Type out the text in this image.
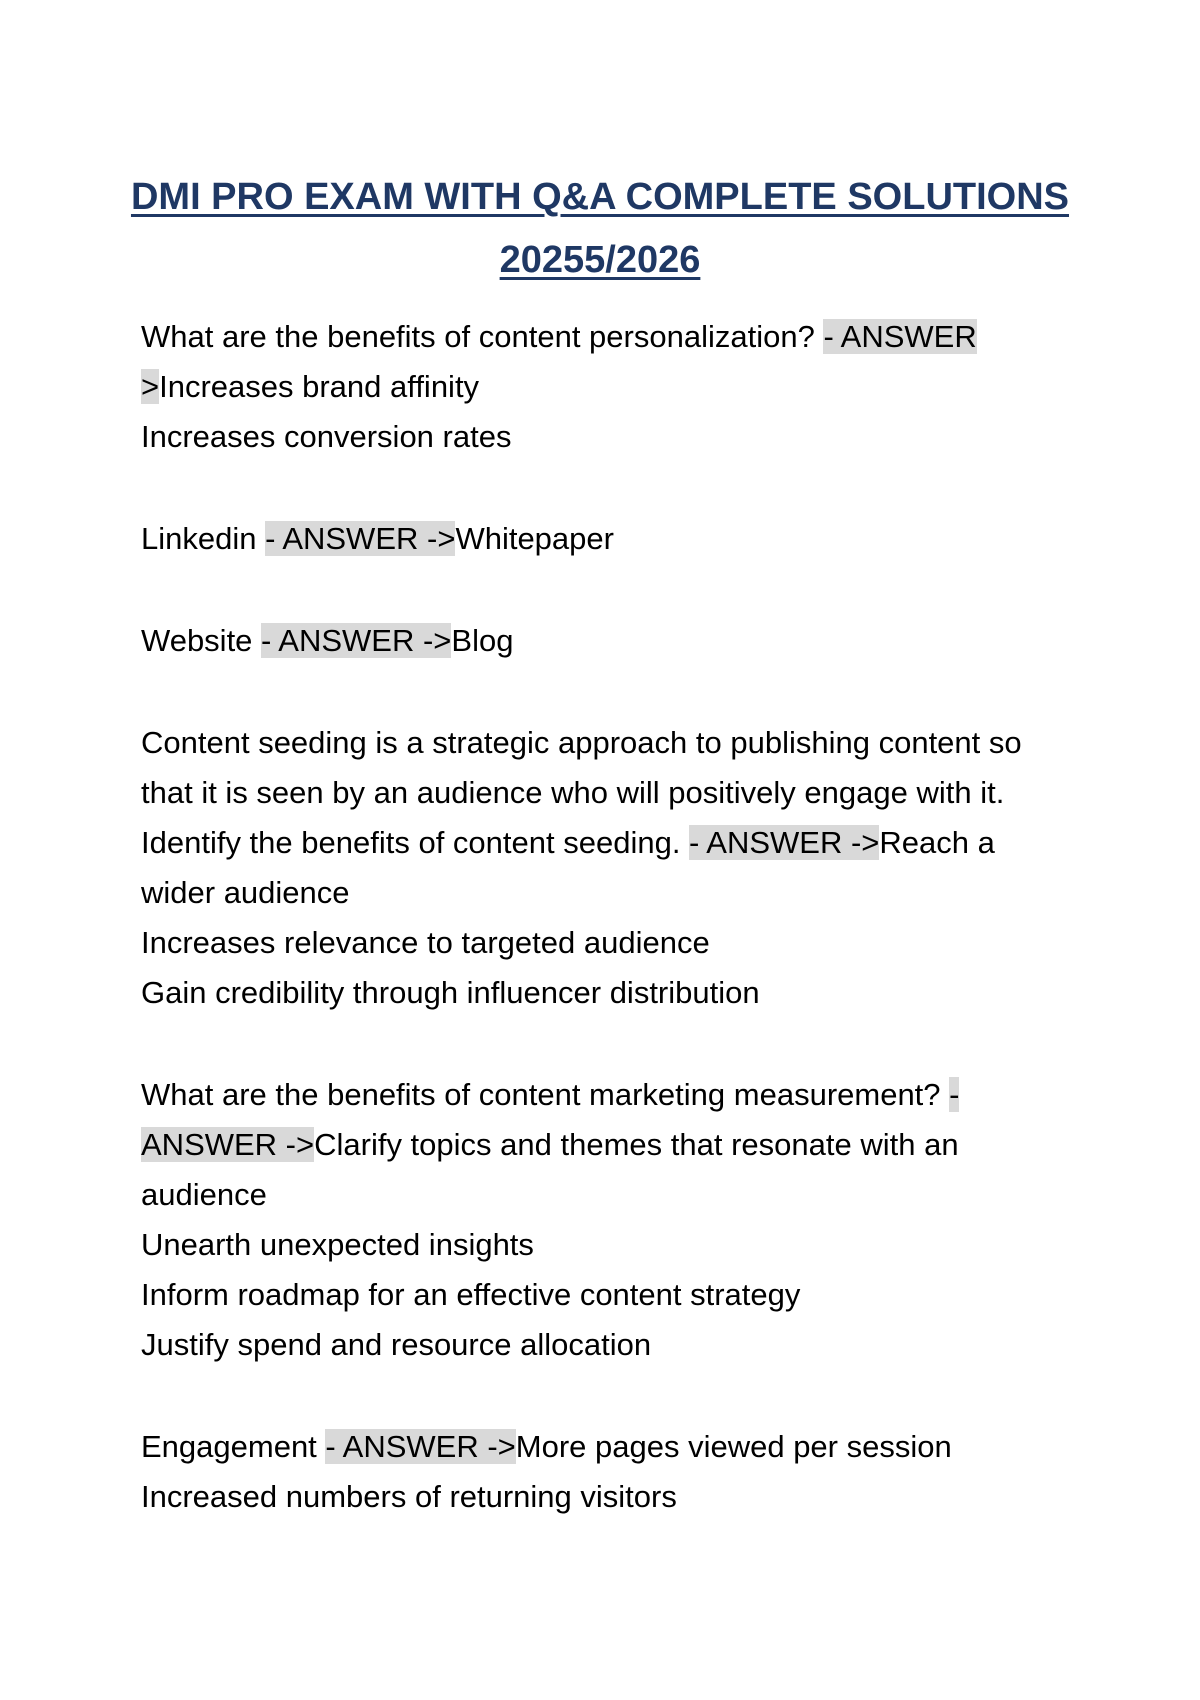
DMI PRO EXAM WITH Q&A COMPLETE SOLUTIONS
20255/2026
What are the benefits of content personalization? - ANSWER
>Increases brand affinity
Increases conversion rates
Linkedin - ANSWER ->Whitepaper
Website - ANSWER ->Blog
Content seeding is a strategic approach to publishing content so
that it is seen by an audience who will positively engage with it.
Identify the benefits of content seeding. - ANSWER ->Reach a
wider audience
Increases relevance to targeted audience
Gain credibility through influencer distribution
What are the benefits of content marketing measurement? -
ANSWER ->Clarify topics and themes that resonate with an
audience
Unearth unexpected insights
Inform roadmap for an effective content strategy
Justify spend and resource allocation
Engagement - ANSWER ->More pages viewed per session
Increased numbers of returning visitors
